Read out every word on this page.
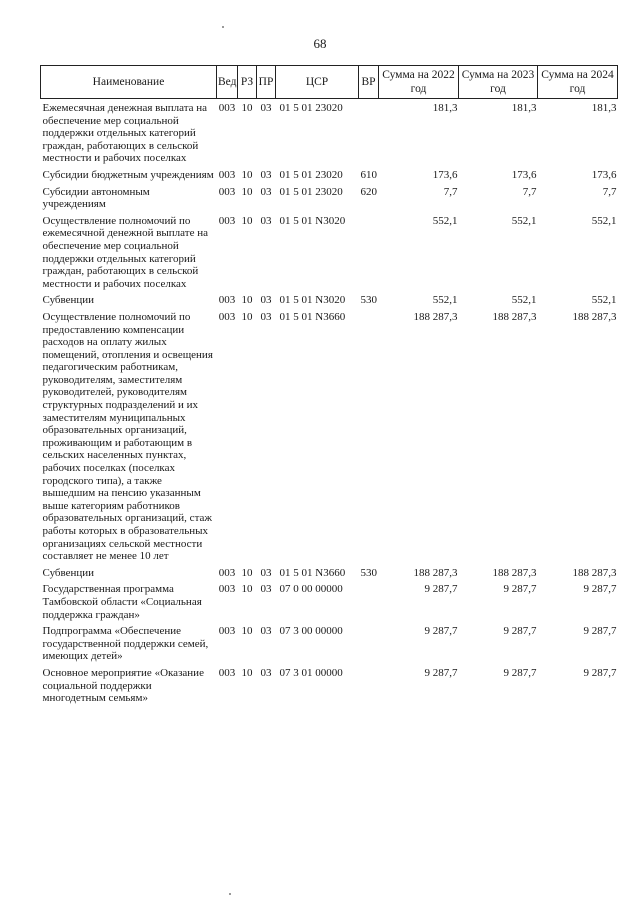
68
Наименование	Вед	РЗ	ПР	ЦСР	ВР	Сумма на 2022 год	Сумма на 2023 год	Сумма на 2024 год
Ежемесячная денежная выплата на обеспечение мер социальной поддержки отдельных категорий граждан, работающих в сельской местности и рабочих поселках	003	10	03	01 5 01 23020		181,3	181,3	181,3
Субсидии бюджетным учреждениям	003	10	03	01 5 01 23020	610	173,6	173,6	173,6
Субсидии автономным учреждениям	003	10	03	01 5 01 23020	620	7,7	7,7	7,7
Осуществление полномочий по ежемесячной денежной выплате на обеспечение мер социальной поддержки отдельных категорий граждан, работающих в сельской местности и рабочих поселках	003	10	03	01 5 01 N3020		552,1	552,1	552,1
Субвенции	003	10	03	01 5 01 N3020	530	552,1	552,1	552,1
Осуществление полномочий по предоставлению компенсации расходов на оплату жилых помещений, отопления и освещения педагогическим работникам, руководителям, заместителям руководителей, руководителям структурных подразделений и их заместителям муниципальных образовательных организаций, проживающим и работающим в сельских населенных пунктах, рабочих поселках (поселках городского типа), а также вышедшим на пенсию указанным выше категориям работников образовательных организаций, стаж работы которых в образовательных организациях сельской местности составляет не менее 10 лет	003	10	03	01 5 01 N3660		188 287,3	188 287,3	188 287,3
Субвенции	003	10	03	01 5 01 N3660	530	188 287,3	188 287,3	188 287,3
Государственная программа Тамбовской области «Социальная поддержка граждан»	003	10	03	07 0 00 00000		9 287,7	9 287,7	9 287,7
Подпрограмма «Обеспечение государственной поддержки семей, имеющих детей»	003	10	03	07 3 00 00000		9 287,7	9 287,7	9 287,7
Основное мероприятие «Оказание социальной поддержки многодетным семьям»	003	10	03	07 3 01 00000		9 287,7	9 287,7	9 287,7
